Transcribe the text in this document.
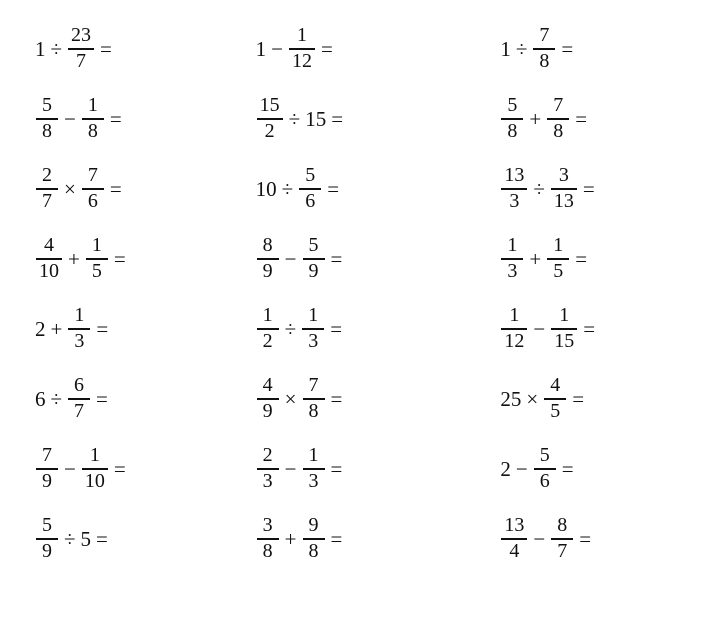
$1 \div \frac{23}{7}$ =	$1 - \frac{1}{12}$ =	$1 \div \frac{7}{8}$ =
$\frac{5}{8} - \frac{1}{8}$ =	$\frac{15}{2} \div 15$ =	$\frac{5}{8} + \frac{7}{8}$ =
$\frac{2}{7} \times \frac{7}{6}$ =	$10 \div \frac{5}{6}$ =	$\frac{13}{3} \div \frac{3}{13}$ =
$\frac{4}{10} + \frac{1}{5}$ =	$\frac{8}{9} - \frac{5}{9}$ =	$\frac{1}{3} + \frac{1}{5}$ =
$2 + \frac{1}{3}$ =	$\frac{1}{2} \div \frac{1}{3}$ =	$\frac{1}{12} - \frac{1}{15}$ =
$6 \div \frac{6}{7}$ =	$\frac{4}{9} \times \frac{7}{8}$ =	$25 \times \frac{4}{5}$ =
$\frac{7}{9} - \frac{1}{10}$ =	$\frac{2}{3} - \frac{1}{3}$ =	$2 - \frac{5}{6}$ =
$\frac{5}{9} \div 5$ =	$\frac{3}{8} + \frac{9}{8}$ =	$\frac{13}{4} - \frac{8}{7}$ =
